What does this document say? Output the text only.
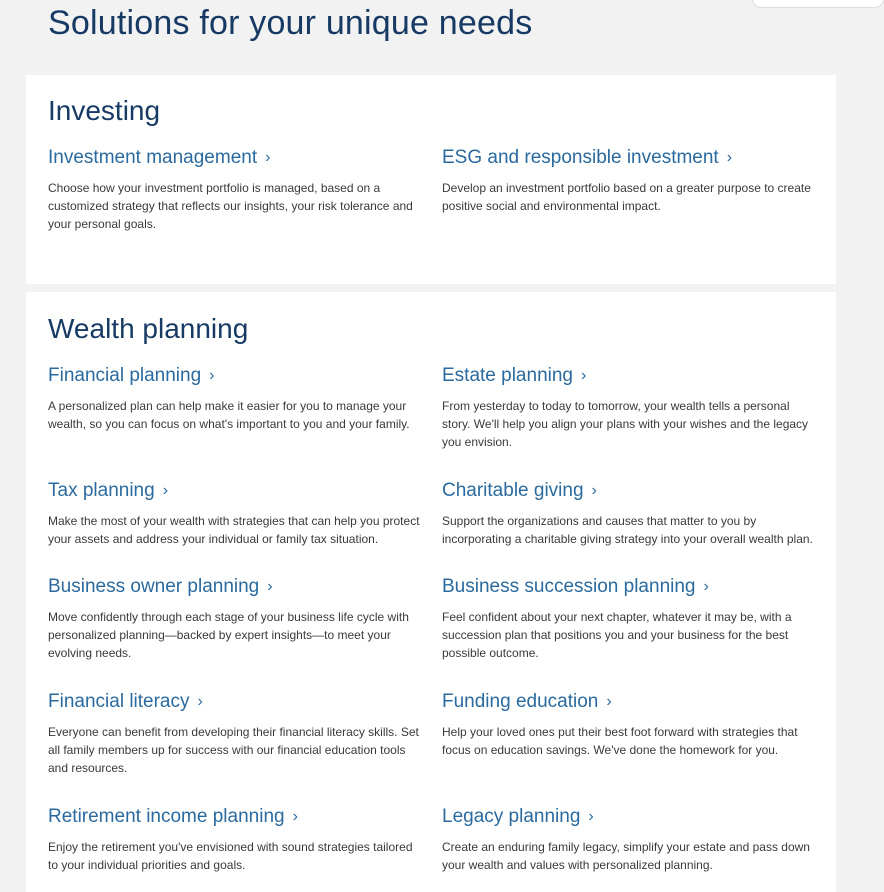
Solutions for your unique needs
Investing
Investment management ›

Choose how your investment portfolio is managed, based on a customized strategy that reflects our insights, your risk tolerance and your personal goals.

ESG and responsible investment ›

Develop an investment portfolio based on a greater purpose to create positive social and environmental impact.

Wealth planning
Financial planning ›

A personalized plan can help make it easier for you to manage your wealth, so you can focus on what's important to you and your family.

Estate planning ›

From yesterday to today to tomorrow, your wealth tells a personal story. We'll help you align your plans with your wishes and the legacy you envision.

Tax planning ›

Make the most of your wealth with strategies that can help you protect your assets and address your individual or family tax situation.

Charitable giving ›

Support the organizations and causes that matter to you by incorporating a charitable giving strategy into your overall wealth plan.

Business owner planning ›

Move confidently through each stage of your business life cycle with personalized planning—backed by expert insights—to meet your evolving needs.

Business succession planning ›

Feel confident about your next chapter, whatever it may be, with a succession plan that positions you and your business for the best possible outcome.

Financial literacy ›

Everyone can benefit from developing their financial literacy skills. Set all family members up for success with our financial education tools and resources.

Funding education ›

Help your loved ones put their best foot forward with strategies that focus on education savings. We've done the homework for you.

Retirement income planning ›

Enjoy the retirement you've envisioned with sound strategies tailored to your individual priorities and goals.

Legacy planning ›

Create an enduring family legacy, simplify your estate and pass down your wealth and values with personalized planning.
